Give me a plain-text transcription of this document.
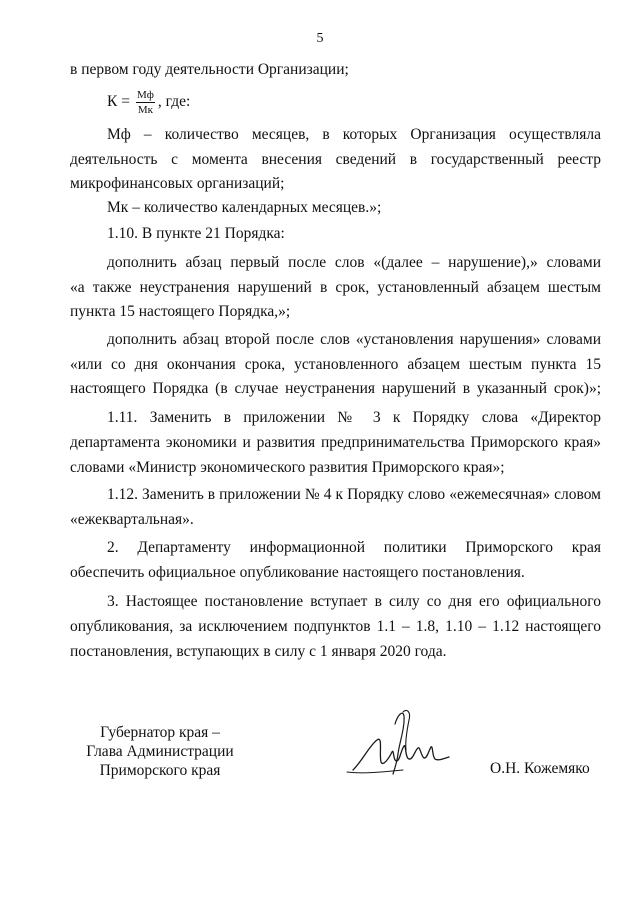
5
в первом году деятельности Организации;
$К = \frac{Мф}{Мк}$ , где:
Мф – количество месяцев, в которых Организация осуществляла
деятельность с момента внесения сведений в государственный реестр
микрофинансовых организаций;
Мк – количество календарных месяцев.»;
1.10. В пункте 21 Порядка:
дополнить абзац первый после слов «(далее – нарушение),» словами
«а также неустранения нарушений в срок, установленный абзацем шестым
пункта 15 настоящего Порядка,»;
дополнить абзац второй после слов «установления нарушения» словами
«или со дня окончания срока, установленного абзацем шестым пункта 15
настоящего Порядка (в случае неустранения нарушений в указанный срок)»;
1.11. Заменить в приложении № 3 к Порядку слова «Директор
департамента экономики и развития предпринимательства Приморского края»
словами «Министр экономического развития Приморского края»;
1.12. Заменить в приложении № 4 к Порядку слово «ежемесячная» словом
«ежеквартальная».
2. Департаменту информационной политики Приморского края
обеспечить официальное опубликование настоящего постановления.
3. Настоящее постановление вступает в силу со дня его официального
опубликования, за исключением подпунктов 1.1 – 1.8, 1.10 – 1.12 настоящего
постановления, вступающих в силу с 1 января 2020 года.
Губернатор края –
Глава Администрации
Приморского края	О.Н. Кожемяко
